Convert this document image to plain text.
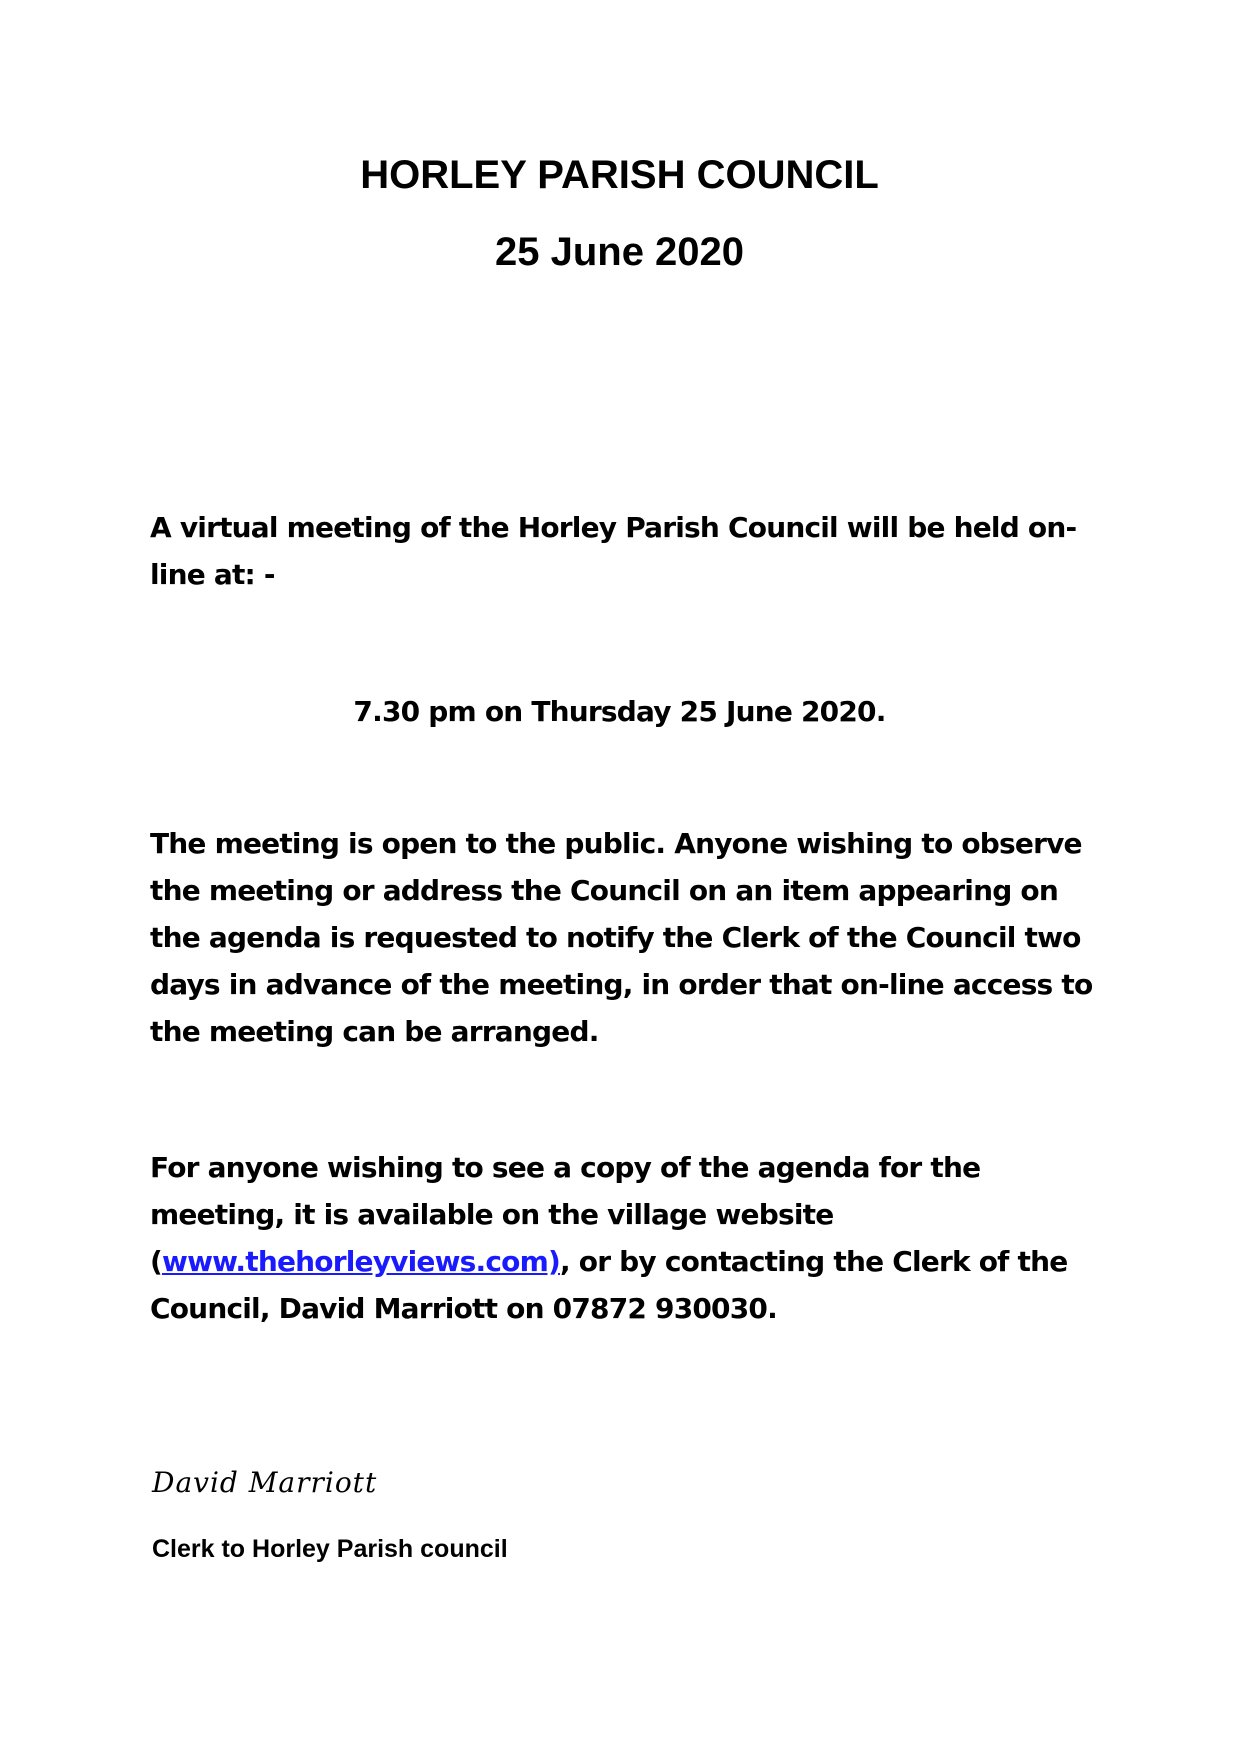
HORLEY PARISH COUNCIL
25 June 2020

A virtual meeting of the Horley Parish Council will be held on-line at: -

7.30 pm on Thursday 25 June 2020.

The meeting is open to the public. Anyone wishing to observe the meeting or address the Council on an item appearing on the agenda is requested to notify the Clerk of the Council two days in advance of the meeting, in order that on-line access to the meeting can be arranged.

For anyone wishing to see a copy of the agenda for the meeting, it is available on the village website (www.thehorleyviews.com), or by contacting the Clerk of the Council, David Marriott on 07872 930030.

David Marriott

Clerk to Horley Parish council
